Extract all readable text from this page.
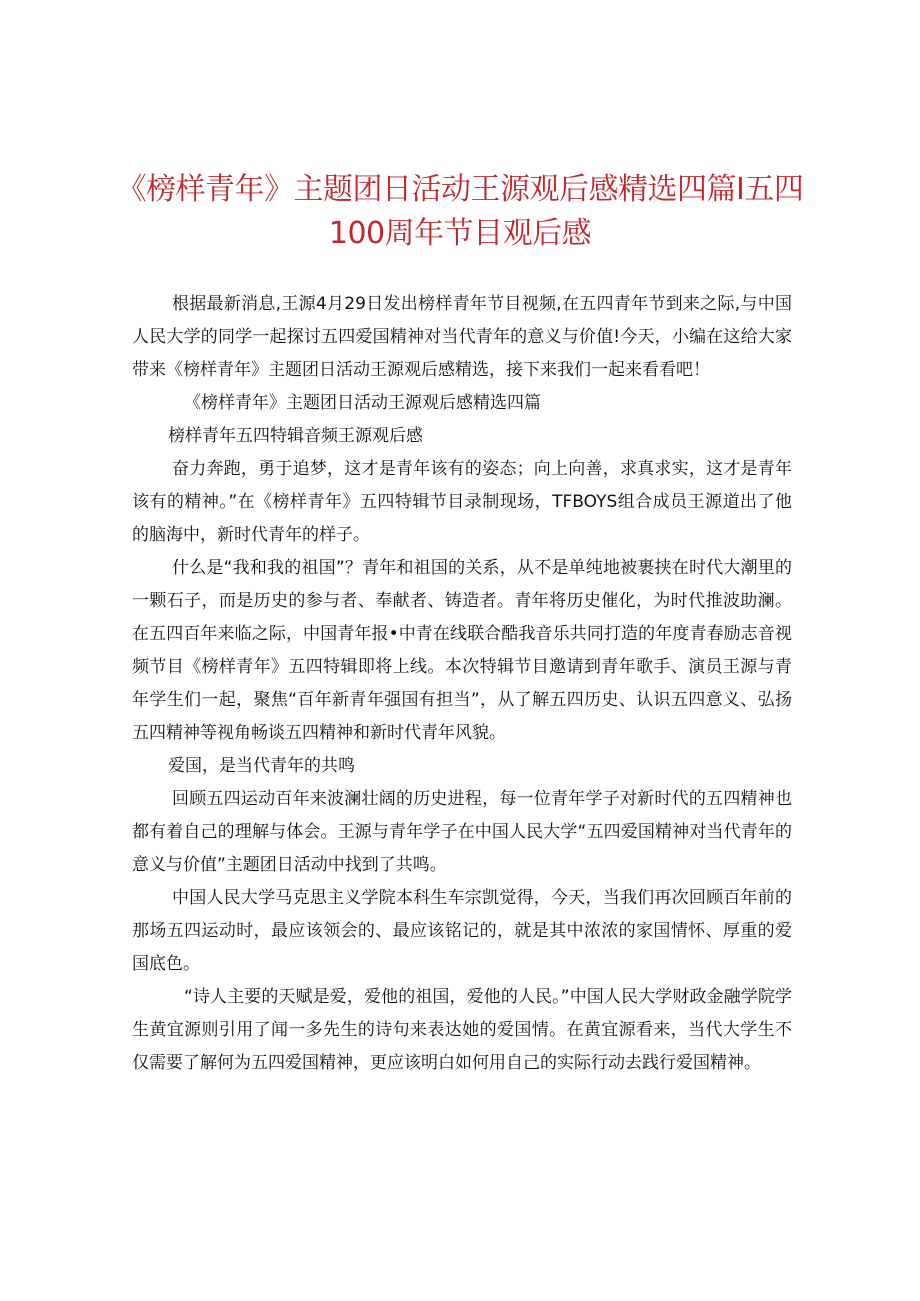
《榜样青年》主题团日活动王源观后感精选四篇I五四
100周年节目观后感

根据最新消息,王源4月29日发出榜样青年节目视频,在五四青年节到来之际,与中国人民大学的同学一起探讨五四爱国精神对当代青年的意义与价值!今天，小编在这给大家带来《榜样青年》主题团日活动王源观后感精选，接下来我们一起来看看吧！

《榜样青年》主题团日活动王源观后感精选四篇

榜样青年五四特辑音频王源观后感

奋力奔跑，勇于追梦，这才是青年该有的姿态；向上向善，求真求实，这才是青年该有的精神。”在《榜样青年》五四特辑节目录制现场，TFBOYS组合成员王源道出了他的脑海中，新时代青年的样子。

什么是“我和我的祖国”？青年和祖国的关系，从不是单纯地被裹挟在时代大潮里的一颗石子，而是历史的参与者、奉献者、铸造者。青年将历史催化，为时代推波助澜。在五四百年来临之际，中国青年报•中青在线联合酷我音乐共同打造的年度青春励志音视频节目《榜样青年》五四特辑即将上线。本次特辑节目邀请到青年歌手、演员王源与青年学生们一起，聚焦“百年新青年强国有担当”，从了解五四历史、认识五四意义、弘扬五四精神等视角畅谈五四精神和新时代青年风貌。

爱国，是当代青年的共鸣

回顾五四运动百年来波澜壮阔的历史进程，每一位青年学子对新时代的五四精神也都有着自己的理解与体会。王源与青年学子在中国人民大学“五四爱国精神对当代青年的意义与价值”主题团日活动中找到了共鸣。

中国人民大学马克思主义学院本科生车宗凯觉得，今天，当我们再次回顾百年前的那场五四运动时，最应该领会的、最应该铭记的，就是其中浓浓的家国情怀、厚重的爱国底色。

“诗人主要的天赋是爱，爱他的祖国，爱他的人民。”中国人民大学财政金融学院学生黄宜源则引用了闻一多先生的诗句来表达她的爱国情。在黄宜源看来，当代大学生不仅需要了解何为五四爱国精神，更应该明白如何用自己的实际行动去践行爱国精神。
